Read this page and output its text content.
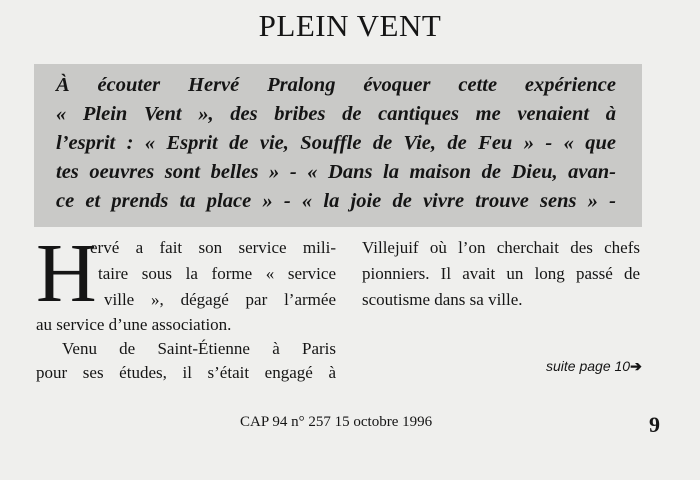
PLEIN VENT
À écouter Hervé Pralong évoquer cette expérience
« Plein Vent », des bribes de cantiques me venaient à
l’esprit : « Esprit de vie, Souffle de Vie, de Feu » - « que
tes oeuvres sont belles » - « Dans la maison de Dieu, avan-
ce et prends ta place » - « la joie de vivre trouve sens » -
H
ervé a fait son service mili-
taire sous la forme « service
ville », dégagé par l’armée
au service d’une association.
Venu de Saint-Étienne à Paris
pour ses études, il s’était engagé à
Villejuif où l’on cherchait des chefs
pionniers. Il avait un long passé de
scoutisme dans sa ville.
suite page 10➔
CAP 94 n° 257 15 octobre 1996	9
